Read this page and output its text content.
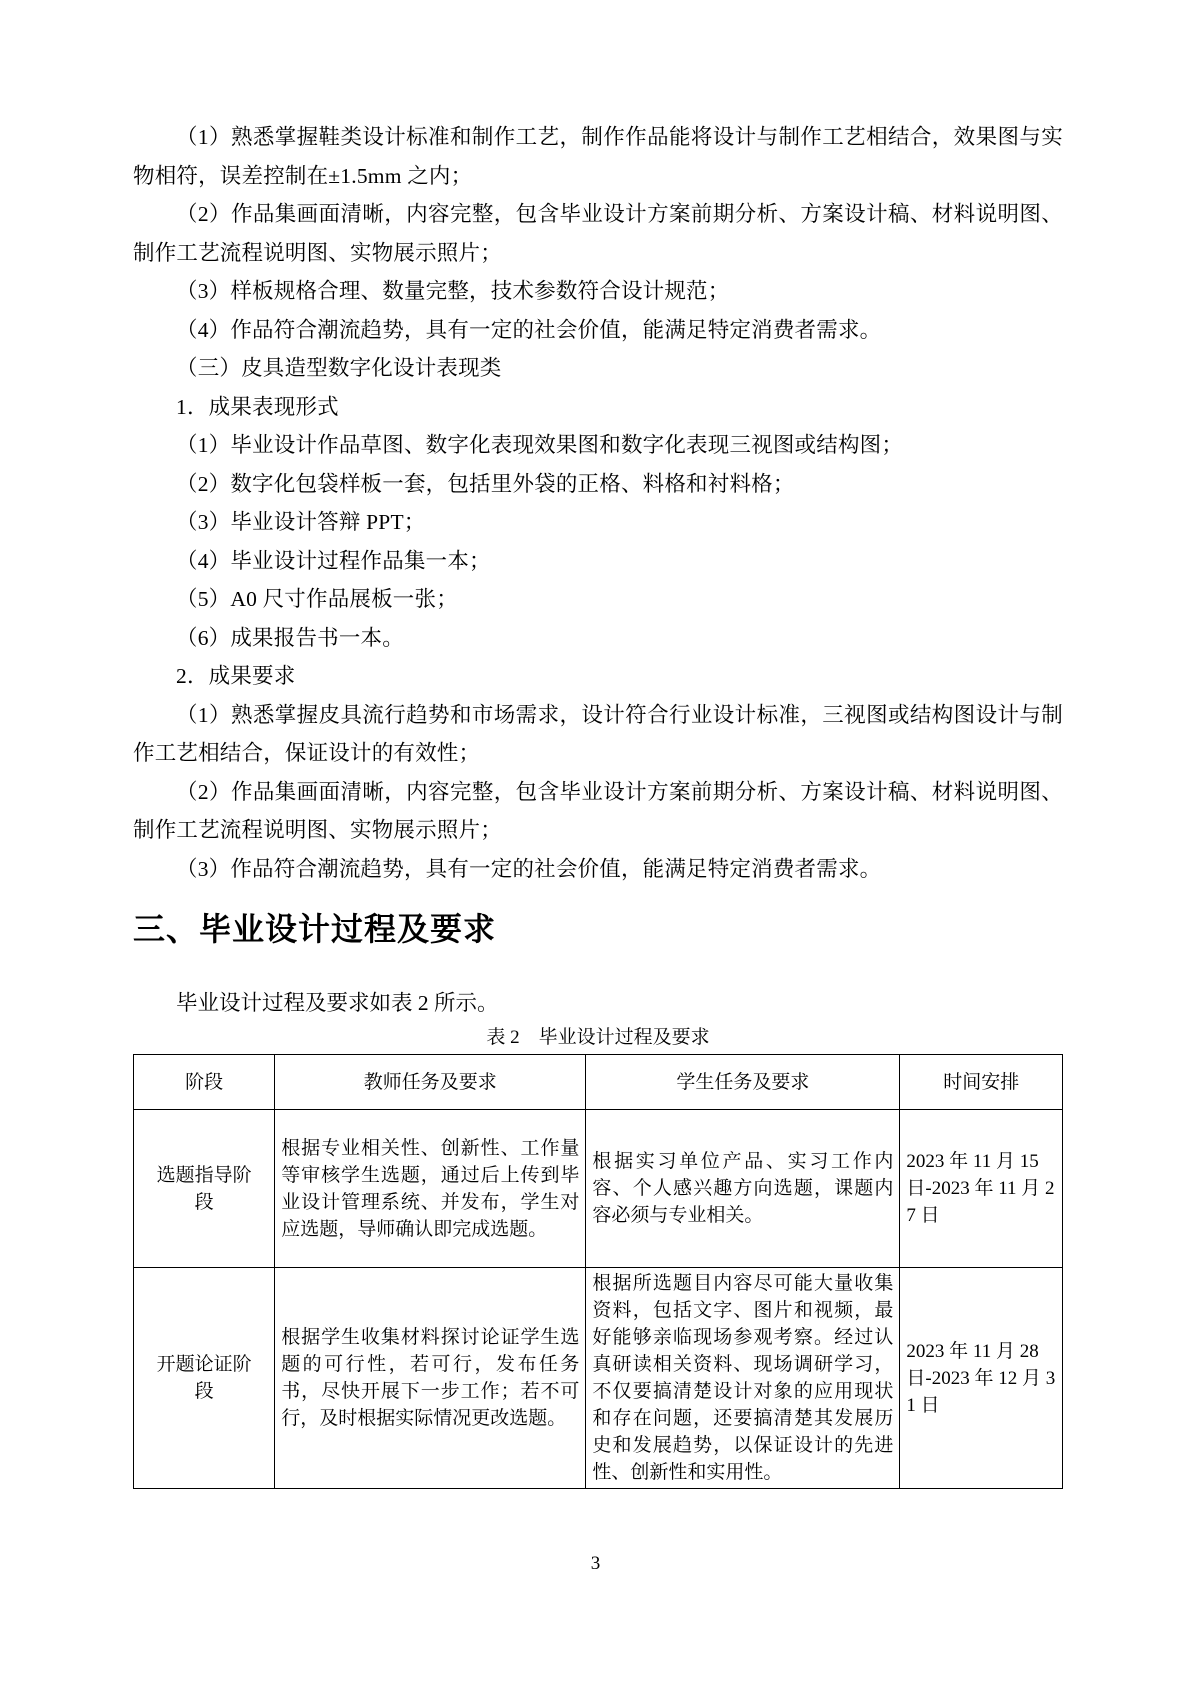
（1）熟悉掌握鞋类设计标准和制作工艺，制作作品能将设计与制作工艺相结合，效果图与实物相符，误差控制在±1.5mm 之内；

（2）作品集画面清晰，内容完整，包含毕业设计方案前期分析、方案设计稿、材料说明图、制作工艺流程说明图、实物展示照片；

（3）样板规格合理、数量完整，技术参数符合设计规范；

（4）作品符合潮流趋势，具有一定的社会价值，能满足特定消费者需求。

（三）皮具造型数字化设计表现类

1．成果表现形式

（1）毕业设计作品草图、数字化表现效果图和数字化表现三视图或结构图；

（2）数字化包袋样板一套，包括里外袋的正格、料格和衬料格；

（3）毕业设计答辩 PPT；

（4）毕业设计过程作品集一本；

（5）A0 尺寸作品展板一张；

（6）成果报告书一本。

2．成果要求

（1）熟悉掌握皮具流行趋势和市场需求，设计符合行业设计标准，三视图或结构图设计与制作工艺相结合，保证设计的有效性；

（2）作品集画面清晰，内容完整，包含毕业设计方案前期分析、方案设计稿、材料说明图、制作工艺流程说明图、实物展示照片；

（3）作品符合潮流趋势，具有一定的社会价值，能满足特定消费者需求。

三、毕业设计过程及要求

毕业设计过程及要求如表 2 所示。

表 2　毕业设计过程及要求

阶段	教师任务及要求	学生任务及要求	时间安排
选题指导阶段	根据专业相关性、创新性、工作量等审核学生选题，通过后上传到毕业设计管理系统、并发布，学生对应选题，导师确认即完成选题。	根据实习单位产品、实习工作内容、个人感兴趣方向选题，课题内容必须与专业相关。	2023 年 11 月 15 日-2023 年 11 月 27 日
开题论证阶段	根据学生收集材料探讨论证学生选题的可行性，若可行，发布任务书，尽快开展下一步工作；若不可行，及时根据实际情况更改选题。	根据所选题目内容尽可能大量收集资料，包括文字、图片和视频，最好能够亲临现场参观考察。经过认真研读相关资料、现场调研学习，不仅要搞清楚设计对象的应用现状和存在问题，还要搞清楚其发展历史和发展趋势，以保证设计的先进性、创新性和实用性。	2023 年 11 月 28 日-2023 年 12 月 31 日
3
